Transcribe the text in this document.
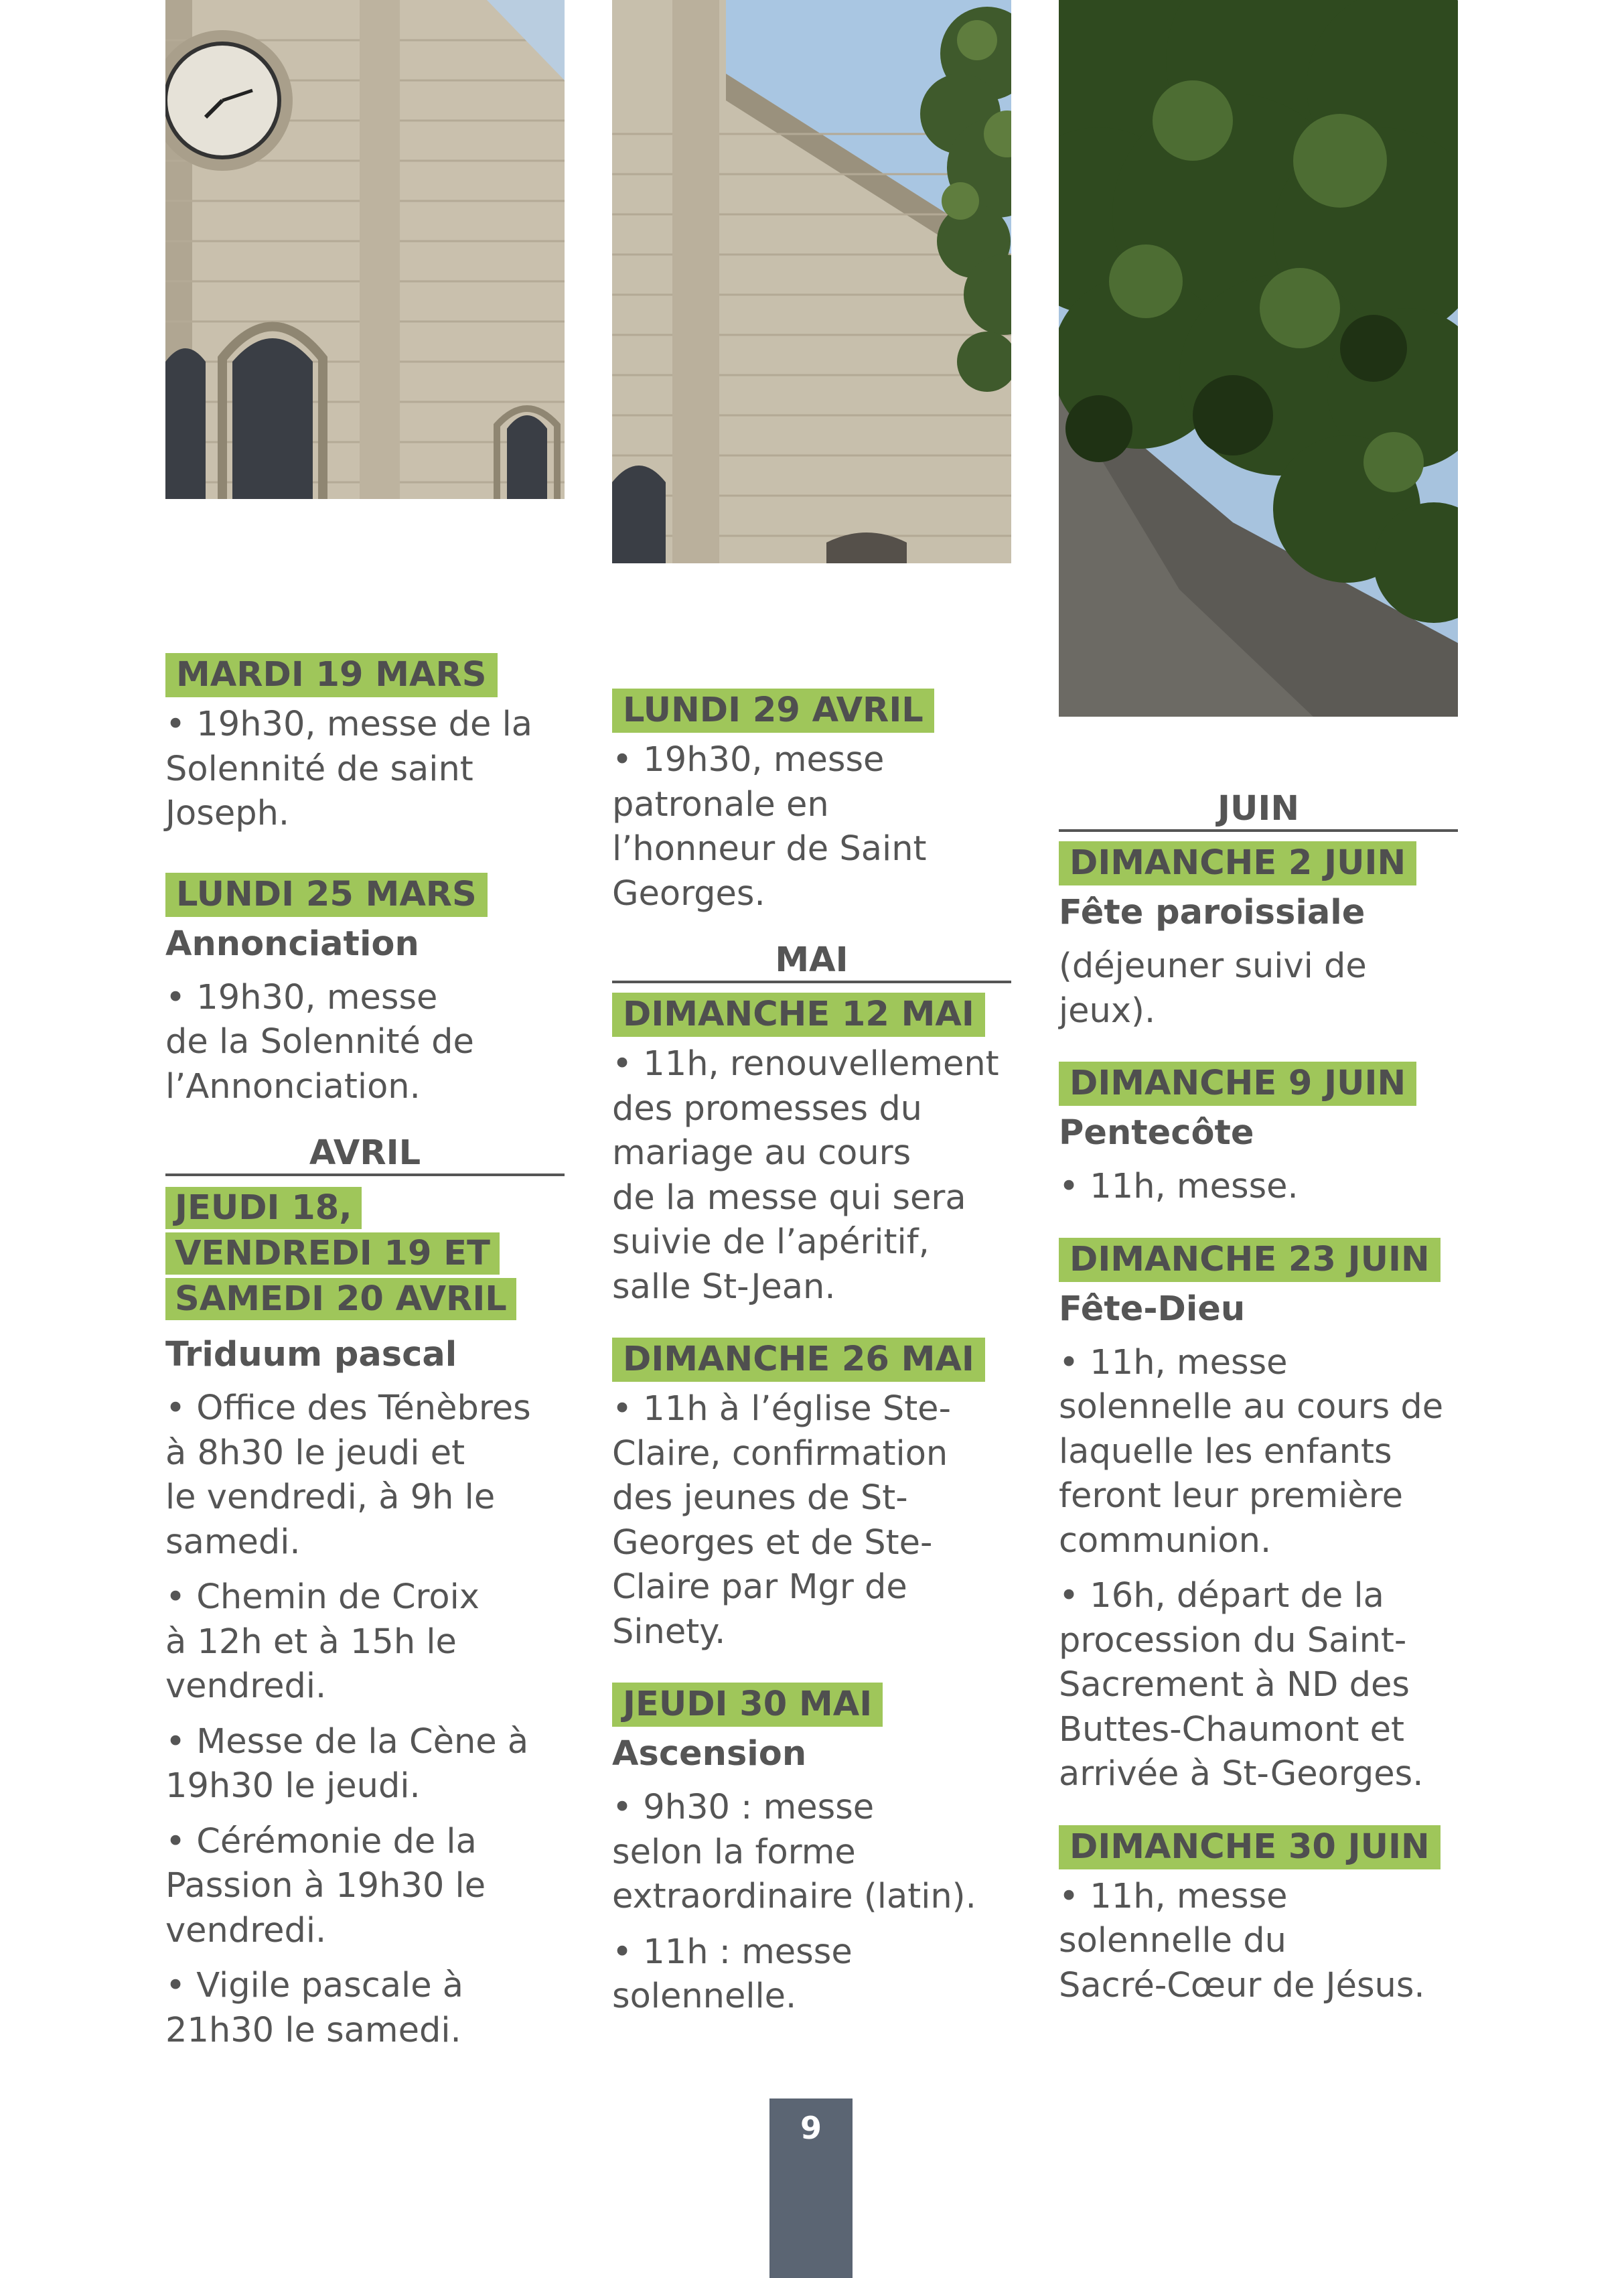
MARDI 19 MARS
• 19h30, messe de la
Solennité de saint
Joseph.
LUNDI 25 MARS
Annonciation
• 19h30, messe
de la Solennité de
l’Annonciation.
AVRIL
JEUDI 18, VENDREDI 19 ET SAMEDI 20 AVRIL
Triduum pascal
• Office des Ténèbres
à 8h30 le jeudi et
le vendredi, à 9h le
samedi.
• Chemin de Croix
à 12h et à 15h le
vendredi.
• Messe de la Cène à
19h30 le jeudi.
• Cérémonie de la
Passion à 19h30 le
vendredi.
• Vigile pascale à
21h30 le samedi.
LUNDI 29 AVRIL
• 19h30, messe
patronale en
l’honneur de Saint
Georges.
MAI
DIMANCHE 12 MAI
• 11h, renouvellement
des promesses du
mariage au cours
de la messe qui sera
suivie de l’apéritif,
salle St-Jean.
DIMANCHE 26 MAI
• 11h à l’église Ste-
Claire, confirmation
des jeunes de St-
Georges et de Ste-
Claire par Mgr de
Sinety.
JEUDI 30 MAI
Ascension
• 9h30 : messe
selon la forme
extraordinaire (latin).
• 11h : messe
solennelle.
JUIN
DIMANCHE 2 JUIN
Fête paroissiale
(déjeuner suivi de
jeux).
DIMANCHE 9 JUIN
Pentecôte
• 11h, messe.
DIMANCHE 23 JUIN
Fête-Dieu
• 11h, messe
solennelle au cours de
laquelle les enfants
feront leur première
communion.
• 16h, départ de la
procession du Saint-
Sacrement à ND des
Buttes-Chaumont et
arrivée à St-Georges.
DIMANCHE 30 JUIN
• 11h, messe
solennelle du
Sacré-Cœur de Jésus.
9
